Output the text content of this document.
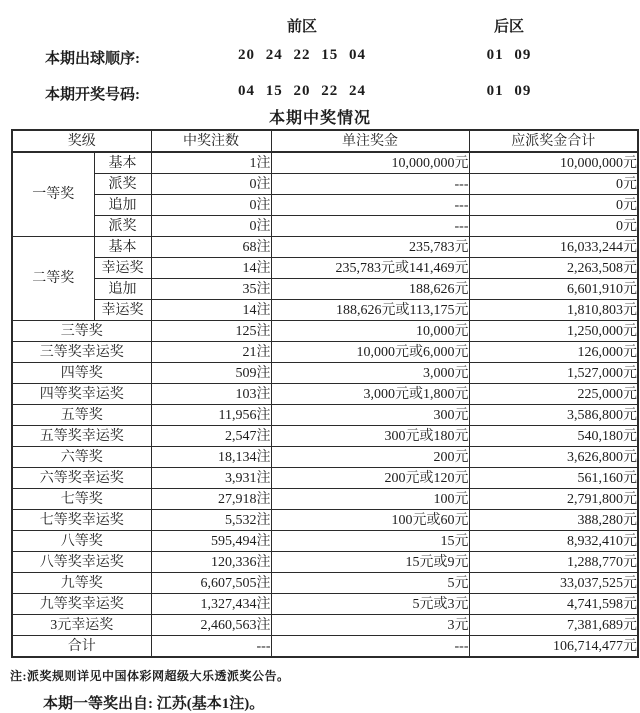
前区	后区
本期出球顺序:	20 24 22 15 04	01 09
本期开奖号码:	04 15 20 22 24	01 09
本期中奖情况
奖级		中奖注数	单注奖金	应派奖金合计
一等奖	基本	1注	10,000,000元	10,000,000元
	派奖	0注	---	0元
	追加	0注	---	0元
	派奖	0注	---	0元
二等奖	基本	68注	235,783元	16,033,244元
	幸运奖	14注	235,783元或141,469元	2,263,508元
	追加	35注	188,626元	6,601,910元
	幸运奖	14注	188,626元或113,175元	1,810,803元
三等奖		125注	10,000元	1,250,000元
三等奖幸运奖		21注	10,000元或6,000元	126,000元
四等奖		509注	3,000元	1,527,000元
四等奖幸运奖		103注	3,000元或1,800元	225,000元
五等奖		11,956注	300元	3,586,800元
五等奖幸运奖		2,547注	300元或180元	540,180元
六等奖		18,134注	200元	3,626,800元
六等奖幸运奖		3,931注	200元或120元	561,160元
七等奖		27,918注	100元	2,791,800元
七等奖幸运奖		5,532注	100元或60元	388,280元
八等奖		595,494注	15元	8,932,410元
八等奖幸运奖		120,336注	15元或9元	1,288,770元
九等奖		6,607,505注	5元	33,037,525元
九等奖幸运奖		1,327,434注	5元或3元	4,741,598元
3元幸运奖		2,460,563注	3元	7,381,689元
合计		---	---	106,714,477元
注:派奖规则详见中国体彩网超级大乐透派奖公告。
本期一等奖出自: 江苏(基本1注)。
